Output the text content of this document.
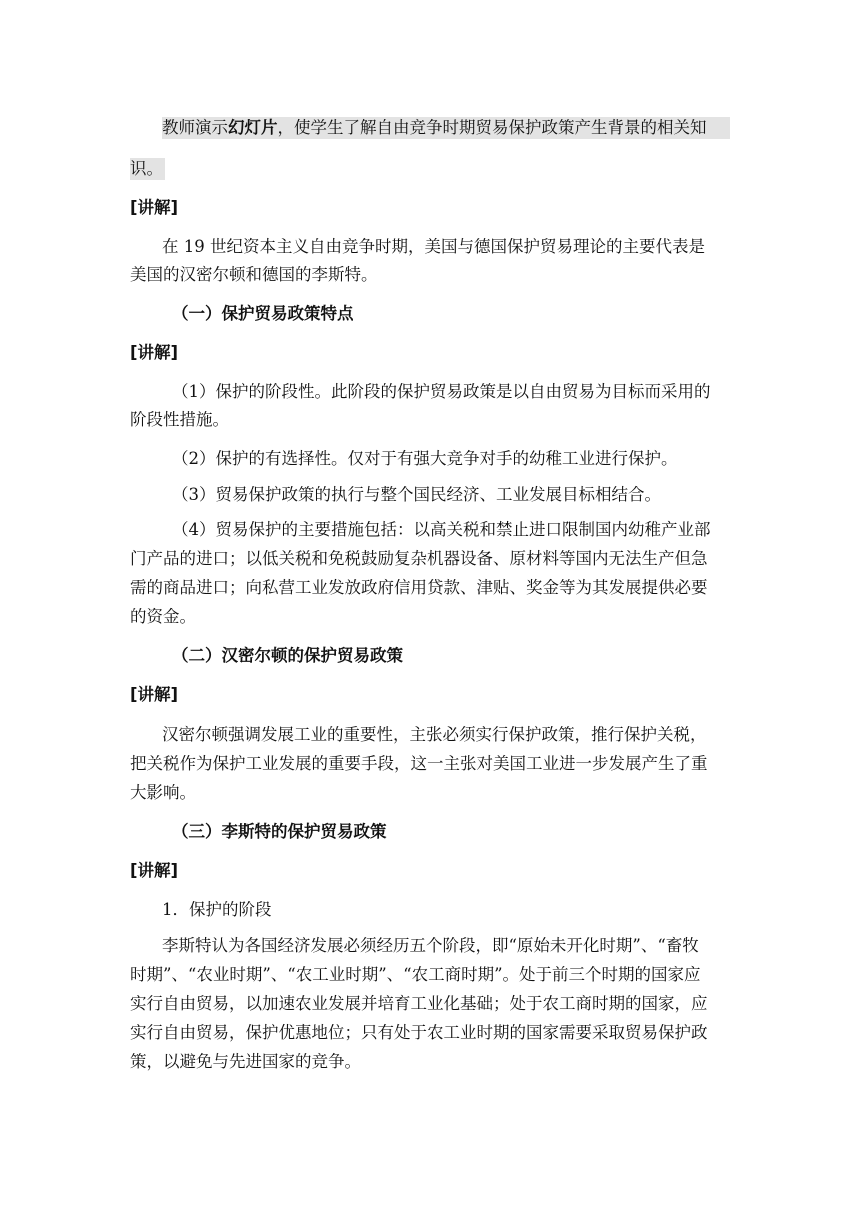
教师演示幻灯片，使学生了解自由竞争时期贸易保护政策产生背景的相关知
识。
[讲解]
在 19 世纪资本主义自由竞争时期，美国与德国保护贸易理论的主要代表是
美国的汉密尔顿和德国的李斯特。
（一）保护贸易政策特点
[讲解]
（1）保护的阶段性。此阶段的保护贸易政策是以自由贸易为目标而采用的
阶段性措施。
（2）保护的有选择性。仅对于有强大竞争对手的幼稚工业进行保护。
（3）贸易保护政策的执行与整个国民经济、工业发展目标相结合。
（4）贸易保护的主要措施包括：以高关税和禁止进口限制国内幼稚产业部
门产品的进口；以低关税和免税鼓励复杂机器设备、原材料等国内无法生产但急
需的商品进口；向私营工业发放政府信用贷款、津贴、奖金等为其发展提供必要
的资金。
（二）汉密尔顿的保护贸易政策
[讲解]
汉密尔顿强调发展工业的重要性，主张必须实行保护政策，推行保护关税，
把关税作为保护工业发展的重要手段，这一主张对美国工业进一步发展产生了重
大影响。
（三）李斯特的保护贸易政策
[讲解]
1．保护的阶段
李斯特认为各国经济发展必须经历五个阶段，即“原始未开化时期”、“畜牧
时期”、“农业时期”、“农工业时期”、“农工商时期”。处于前三个时期的国家应
实行自由贸易，以加速农业发展并培育工业化基础；处于农工商时期的国家，应
实行自由贸易，保护优惠地位；只有处于农工业时期的国家需要采取贸易保护政
策，以避免与先进国家的竞争。
